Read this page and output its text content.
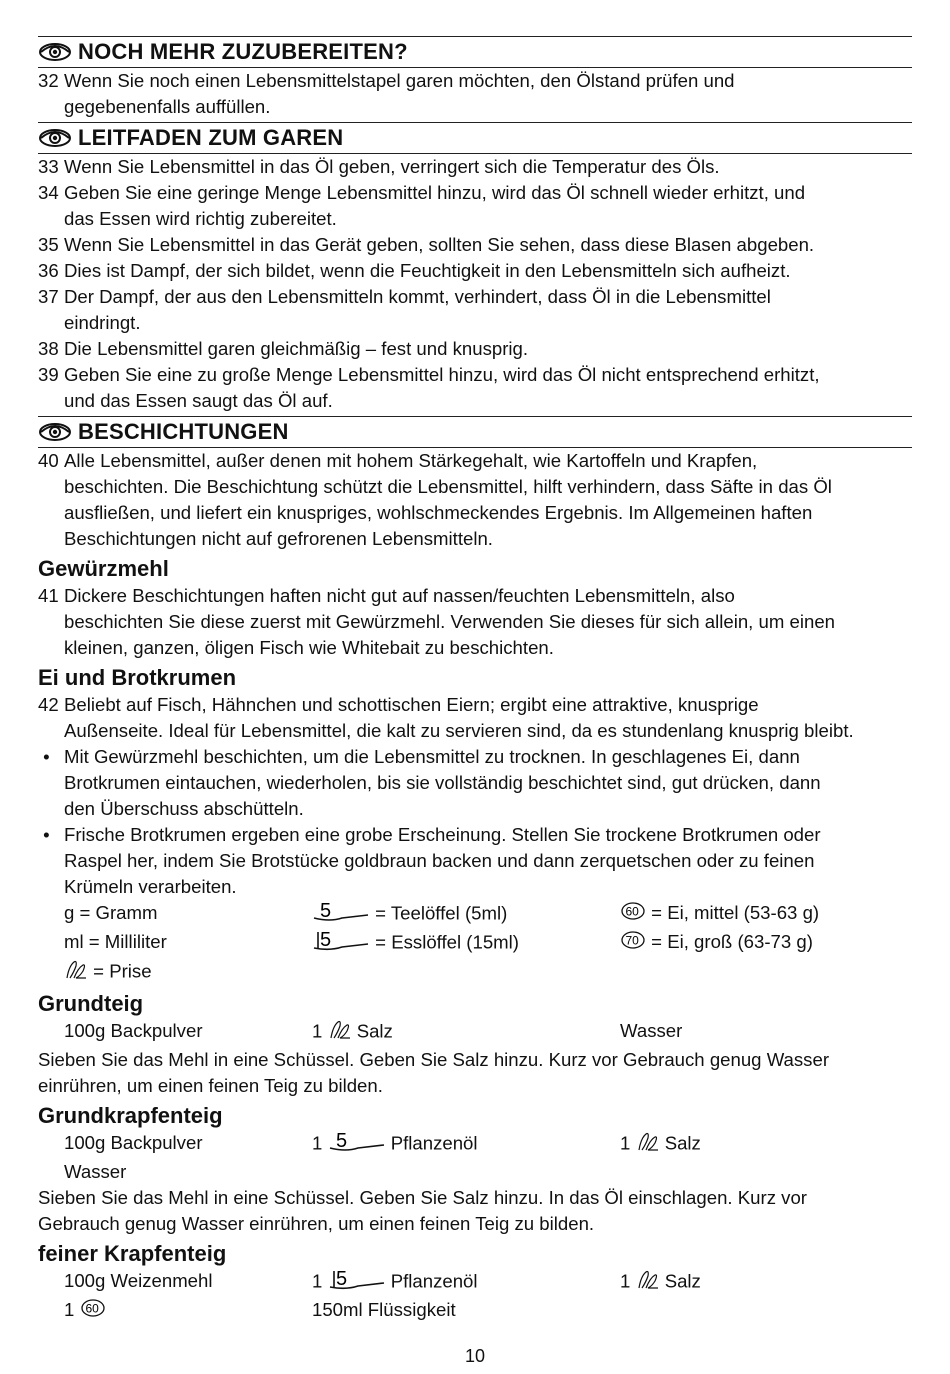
NOCH MEHR ZUZUBEREITEN?
32 Wenn Sie noch einen Lebensmittelstapel garen möchten, den Ölstand prüfen und
gegebenenfalls auffüllen.
LEITFADEN ZUM GAREN
33 Wenn Sie Lebensmittel in das Öl geben, verringert sich die Temperatur des Öls.
34 Geben Sie eine geringe Menge Lebensmittel hinzu, wird das Öl schnell wieder erhitzt, und
das Essen wird richtig zubereitet.
35 Wenn Sie Lebensmittel in das Gerät geben, sollten Sie sehen, dass diese Blasen abgeben.
36 Dies ist Dampf, der sich bildet, wenn die Feuchtigkeit in den Lebensmitteln sich aufheizt.
37 Der Dampf, der aus den Lebensmitteln kommt, verhindert, dass Öl in die Lebensmittel
eindringt.
38 Die Lebensmittel garen gleichmäßig – fest und knusprig.
39 Geben Sie eine zu große Menge Lebensmittel hinzu, wird das Öl nicht entsprechend erhitzt,
und das Essen saugt das Öl auf.
BESCHICHTUNGEN
40 Alle Lebensmittel, außer denen mit hohem Stärkegehalt, wie Kartoffeln und Krapfen,
beschichten. Die Beschichtung schützt die Lebensmittel, hilft verhindern, dass Säfte in das Öl
ausfließen, und liefert ein knuspriges, wohlschmeckendes Ergebnis. Im Allgemeinen haften
Beschichtungen nicht auf gefrorenen Lebensmitteln.
Gewürzmehl
41 Dickere Beschichtungen haften nicht gut auf nassen/feuchten Lebensmitteln, also
beschichten Sie diese zuerst mit Gewürzmehl. Verwenden Sie dieses für sich allein, um einen
kleinen, ganzen, öligen Fisch wie Whitebait zu beschichten.
Ei und Brotkrumen
42 Beliebt auf Fisch, Hähnchen und schottischen Eiern; ergibt eine attraktive, knusprige
Außenseite. Ideal für Lebensmittel, die kalt zu servieren sind, da es stundenlang knusprig bleibt.
• Mit Gewürzmehl beschichten, um die Lebensmittel zu trocknen. In geschlagenes Ei, dann
Brotkrumen eintauchen, wiederholen, bis sie vollständig beschichtet sind, gut drücken, dann
den Überschuss abschütteln.
• Frische Brotkrumen ergeben eine grobe Erscheinung. Stellen Sie trockene Brotkrumen oder
Raspel her, indem Sie Brotstücke goldbraun backen und dann zerquetschen oder zu feinen
Krümeln verarbeiten.
g = Gramm	5 = Teelöffel (5ml)	60 = Ei, mittel (53-63 g)
ml = Milliliter	5 = Esslöffel (15ml)	70 = Ei, groß (63-73 g)
= Prise
Grundteig
100g Backpulver	1 Salz	Wasser
Sieben Sie das Mehl in eine Schüssel. Geben Sie Salz hinzu. Kurz vor Gebrauch genug Wasser
einrühren, um einen feinen Teig zu bilden.
Grundkrapfenteig
100g Backpulver	1 5 Pflanzenöl	1 Salz
Wasser
Sieben Sie das Mehl in eine Schüssel. Geben Sie Salz hinzu. In das Öl einschlagen. Kurz vor
Gebrauch genug Wasser einrühren, um einen feinen Teig zu bilden.
feiner Krapfenteig
100g Weizenmehl	1 5 Pflanzenöl	1 Salz
1 60	150ml Flüssigkeit
10
